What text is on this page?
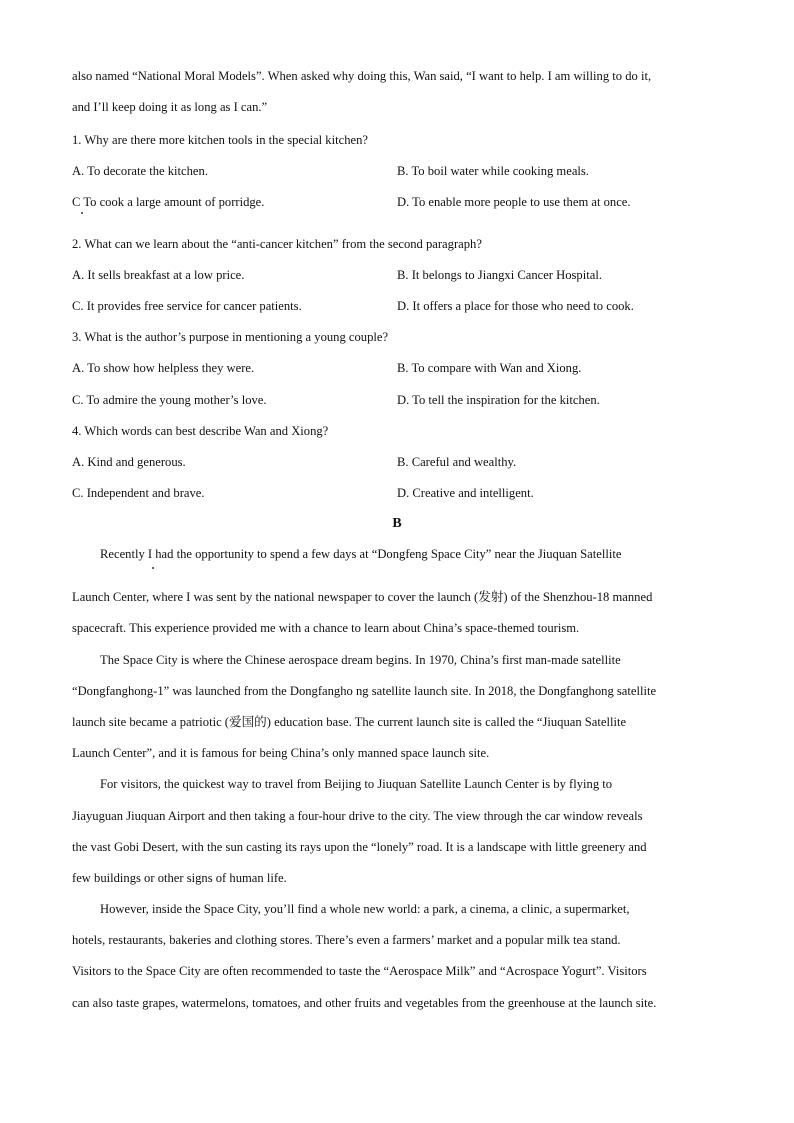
also named “National Moral Models”. When asked why doing this, Wan said, “I want to help. I am willing to do it,
and I’ll keep doing it as long as I can.”
1. Why are there more kitchen tools in the special kitchen?
A. To decorate the kitchen.	B. To boil water while cooking meals.
C To cook a large amount of porridge.	D. To enable more people to use them at once.
2. What can we learn about the “anti-cancer kitchen” from the second paragraph?
A. It sells breakfast at a low price.	B. It belongs to Jiangxi Cancer Hospital.
C. It provides free service for cancer patients.	D. It offers a place for those who need to cook.
3. What is the author’s purpose in mentioning a young couple?
A. To show how helpless they were.	B. To compare with Wan and Xiong.
C. To admire the young mother’s love.	D. To tell the inspiration for the kitchen.
4. Which words can best describe Wan and Xiong?
A. Kind and generous.	B. Careful and wealthy.
C. Independent and brave.	D. Creative and intelligent.
B
Recently I had the opportunity to spend a few days at “Dongfeng Space City” near the Jiuquan Satellite
Launch Center, where I was sent by the national newspaper to cover the launch (发射) of the Shenzhou-18 manned
spacecraft. This experience provided me with a chance to learn about China’s space-themed tourism.
The Space City is where the Chinese aerospace dream begins. In 1970, China’s first man-made satellite
“Dongfanghong-1” was launched from the Dongfangho ng satellite launch site. In 2018, the Dongfanghong satellite
launch site became a patriotic (爱国的) education base. The current launch site is called the “Jiuquan Satellite
Launch Center”, and it is famous for being China’s only manned space launch site.
For visitors, the quickest way to travel from Beijing to Jiuquan Satellite Launch Center is by flying to
Jiayuguan Jiuquan Airport and then taking a four-hour drive to the city. The view through the car window reveals
the vast Gobi Desert, with the sun casting its rays upon the “lonely” road. It is a landscape with little greenery and
few buildings or other signs of human life.
However, inside the Space City, you’ll find a whole new world: a park, a cinema, a clinic, a supermarket,
hotels, restaurants, bakeries and clothing stores. There’s even a farmers’ market and a popular milk tea stand.
Visitors to the Space City are often recommended to taste the “Aerospace Milk” and “Acrospace Yogurt”. Visitors
can also taste grapes, watermelons, tomatoes, and other fruits and vegetables from the greenhouse at the launch site.
